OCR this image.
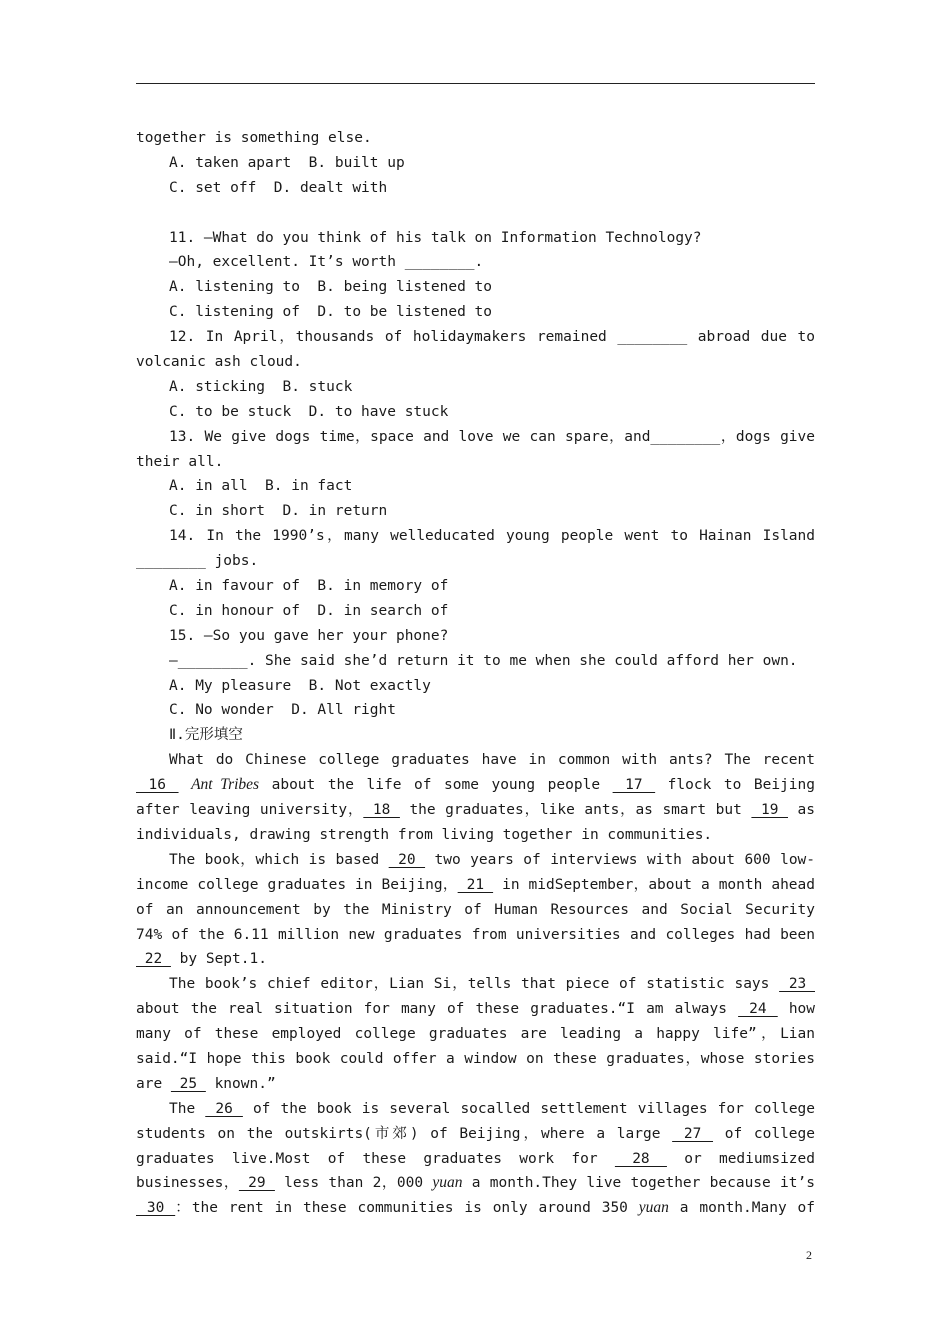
together is something else.
A. taken apart  B. built up
C. set off  D. dealt with
11. —What do you think of his talk on Information Technology?
—Oh, excellent. It’s worth ________.
A. listening to  B. being listened to
C. listening of  D. to be listened to
12. In April，thousands of holidaymakers remained ________ abroad due to
volcanic ash cloud.
A. sticking  B. stuck
C. to be stuck  D. to have stuck
13. We give dogs time，space and love we can spare，and________，dogs give
their all.
A. in all  B. in fact
C. in short  D. in return
14. In the 1990’s，many welleducated young people went to Hainan Island
________ jobs.
A. in favour of  B. in memory of
C. in honour of  D. in search of
15. —So you gave her your phone?
—________. She said she’d return it to me when she could afford her own.
A. My pleasure  B. Not exactly
C. No wonder  D. All right
Ⅱ.完形填空
What do Chinese college graduates have in common with ants? The recent
16  Ant Tribes about the life of some young people  17  flock to Beijing
after leaving university， 18  the graduates，like ants，as smart but  19  as
individuals, drawing strength from living together in communities.
The book，which is based  20  two years of interviews with about 600 low-
income college graduates in Beijing， 21  in midSeptember，about a month ahead
of an announcement by the Ministry of Human Resources and Social Security
74% of the 6.11 million new graduates from universities and colleges had been
22  by Sept.1.
The book’s chief editor，Lian Si，tells that piece of statistic says  23
about the real situation for many of these graduates.“I am always  24  how
many of these employed college graduates are leading a happy life”，Lian
said.“I hope this book could offer a window on these graduates，whose stories
are  25  known.”
The  26  of the book is several socalled settlement villages for college
students on the outskirts(市郊) of Beijing，where a large  27  of college
graduates live.Most of these graduates work for  28  or mediumsized
businesses， 29  less than 2，000 yuan a month.They live together because it’s
30 ：the rent in these communities is only around 350 yuan a month.Many of
2
